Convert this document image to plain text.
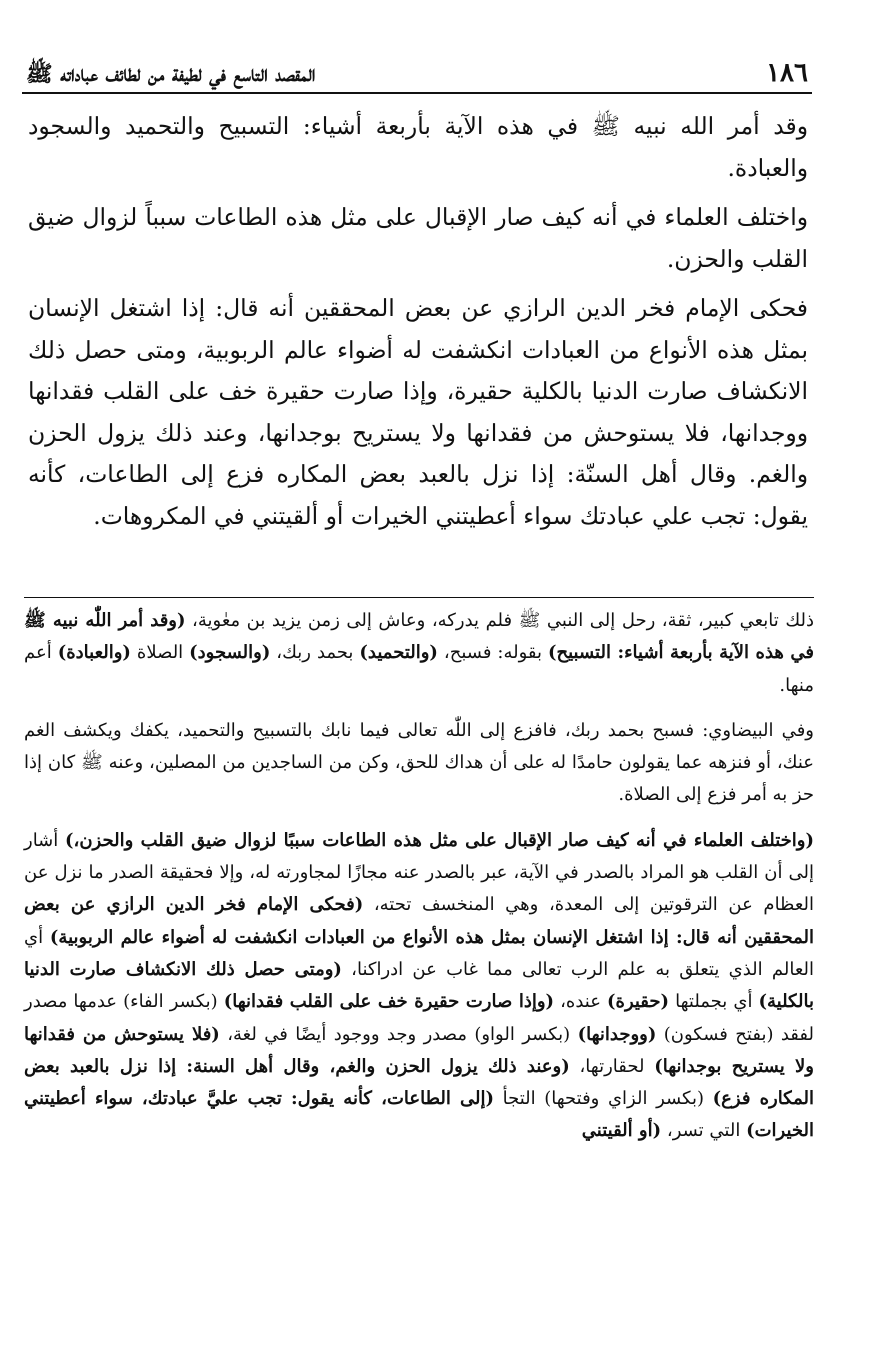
١٨٦
المقصد التاسع في لطيفة من لطائف عباداته ﷺ

وقد أمر الله نبيه ﷺ في هذه الآية بأربعة أشياء: التسبيح والتحميد والسجود والعبادة.

واختلف العلماء في أنه كيف صار الإقبال على مثل هذه الطاعات سبباً لزوال ضيق القلب والحزن.

فحكى الإمام فخر الدين الرازي عن بعض المحققين أنه قال: إذا اشتغل الإنسان بمثل هذه الأنواع من العبادات انكشفت له أضواء عالم الربوبية، ومتى حصل ذلك الانكشاف صارت الدنيا بالكلية حقيرة، وإذا صارت حقيرة خف على القلب فقدانها ووجدانها، فلا يستوحش من فقدانها ولا يستريح بوجدانها، وعند ذلك يزول الحزن والغم. وقال أهل السنّة: إذا نزل بالعبد بعض المكاره فزع إلى الطاعات، كأنه يقول: تجب علي عبادتك سواء أعطيتني الخيرات أو ألقيتني في المكروهات.

ذلك تابعي كبير، ثقة، رحل إلى النبي ﷺ فلم يدركه، وعاش إلى زمن يزيد بن معٰوية، (وقد أمر اللّٰه نبيه ﷺ في هذه الآية بأربعة أشياء: التسبيح) بقوله: فسبح، (والتحميد) بحمد ربك، (والسجود) الصلاة (والعبادة) أعم منها.

وفي البيضاوي: فسبح بحمد ربك، فافزع إلى اللّٰه تعالى فيما نابك بالتسبيح والتحميد، يكفك ويكشف الغم عنك، أو فنزهه عما يقولون حامدًا له على أن هداك للحق، وكن من الساجدين من المصلين، وعنه ﷺ كان إذا حز به أمر فزع إلى الصلاة.

(واختلف العلماء في أنه كيف صار الإقبال على مثل هذه الطاعات سببًا لزوال ضيق القلب والحزن،) أشار إلى أن القلب هو المراد بالصدر في الآية، عبر بالصدر عنه مجازًا لمجاورته له، وإلا فحقيقة الصدر ما نزل عن العظام عن الترقوتين إلى المعدة، وهي المنخسف تحته، (فحكى الإمام فخر الدين الرازي عن بعض المحققين أنه قال: إذا اشتغل الإنسان بمثل هذه الأنواع من العبادات انكشفت له أضواء عالم الربوبية) أي العالم الذي يتعلق به علم الرب تعالى مما غاب عن ادراكنا، (ومتى حصل ذلك الانكشاف صارت الدنيا بالكلية) أي بجملتها (حقيرة) عنده، (وإذا صارت حقيرة خف على القلب فقدانها) (بكسر الفاء) عدمها مصدر لفقد (بفتح فسكون) (ووجدانها) (بكسر الواو) مصدر وجد ووجود أيضًا في لغة، (فلا يستوحش من فقدانها ولا يستريح بوجدانها) لحقارتها، (وعند ذلك يزول الحزن والغم، وقال أهل السنة: إذا نزل بالعبد بعض المكاره فزع) (بكسر الزاي وفتحها) التجأ (إلى الطاعات، كأنه يقول: تجب عليَّ عبادتك، سواء أعطيتني الخيرات) التي تسر، (أو ألقيتني
